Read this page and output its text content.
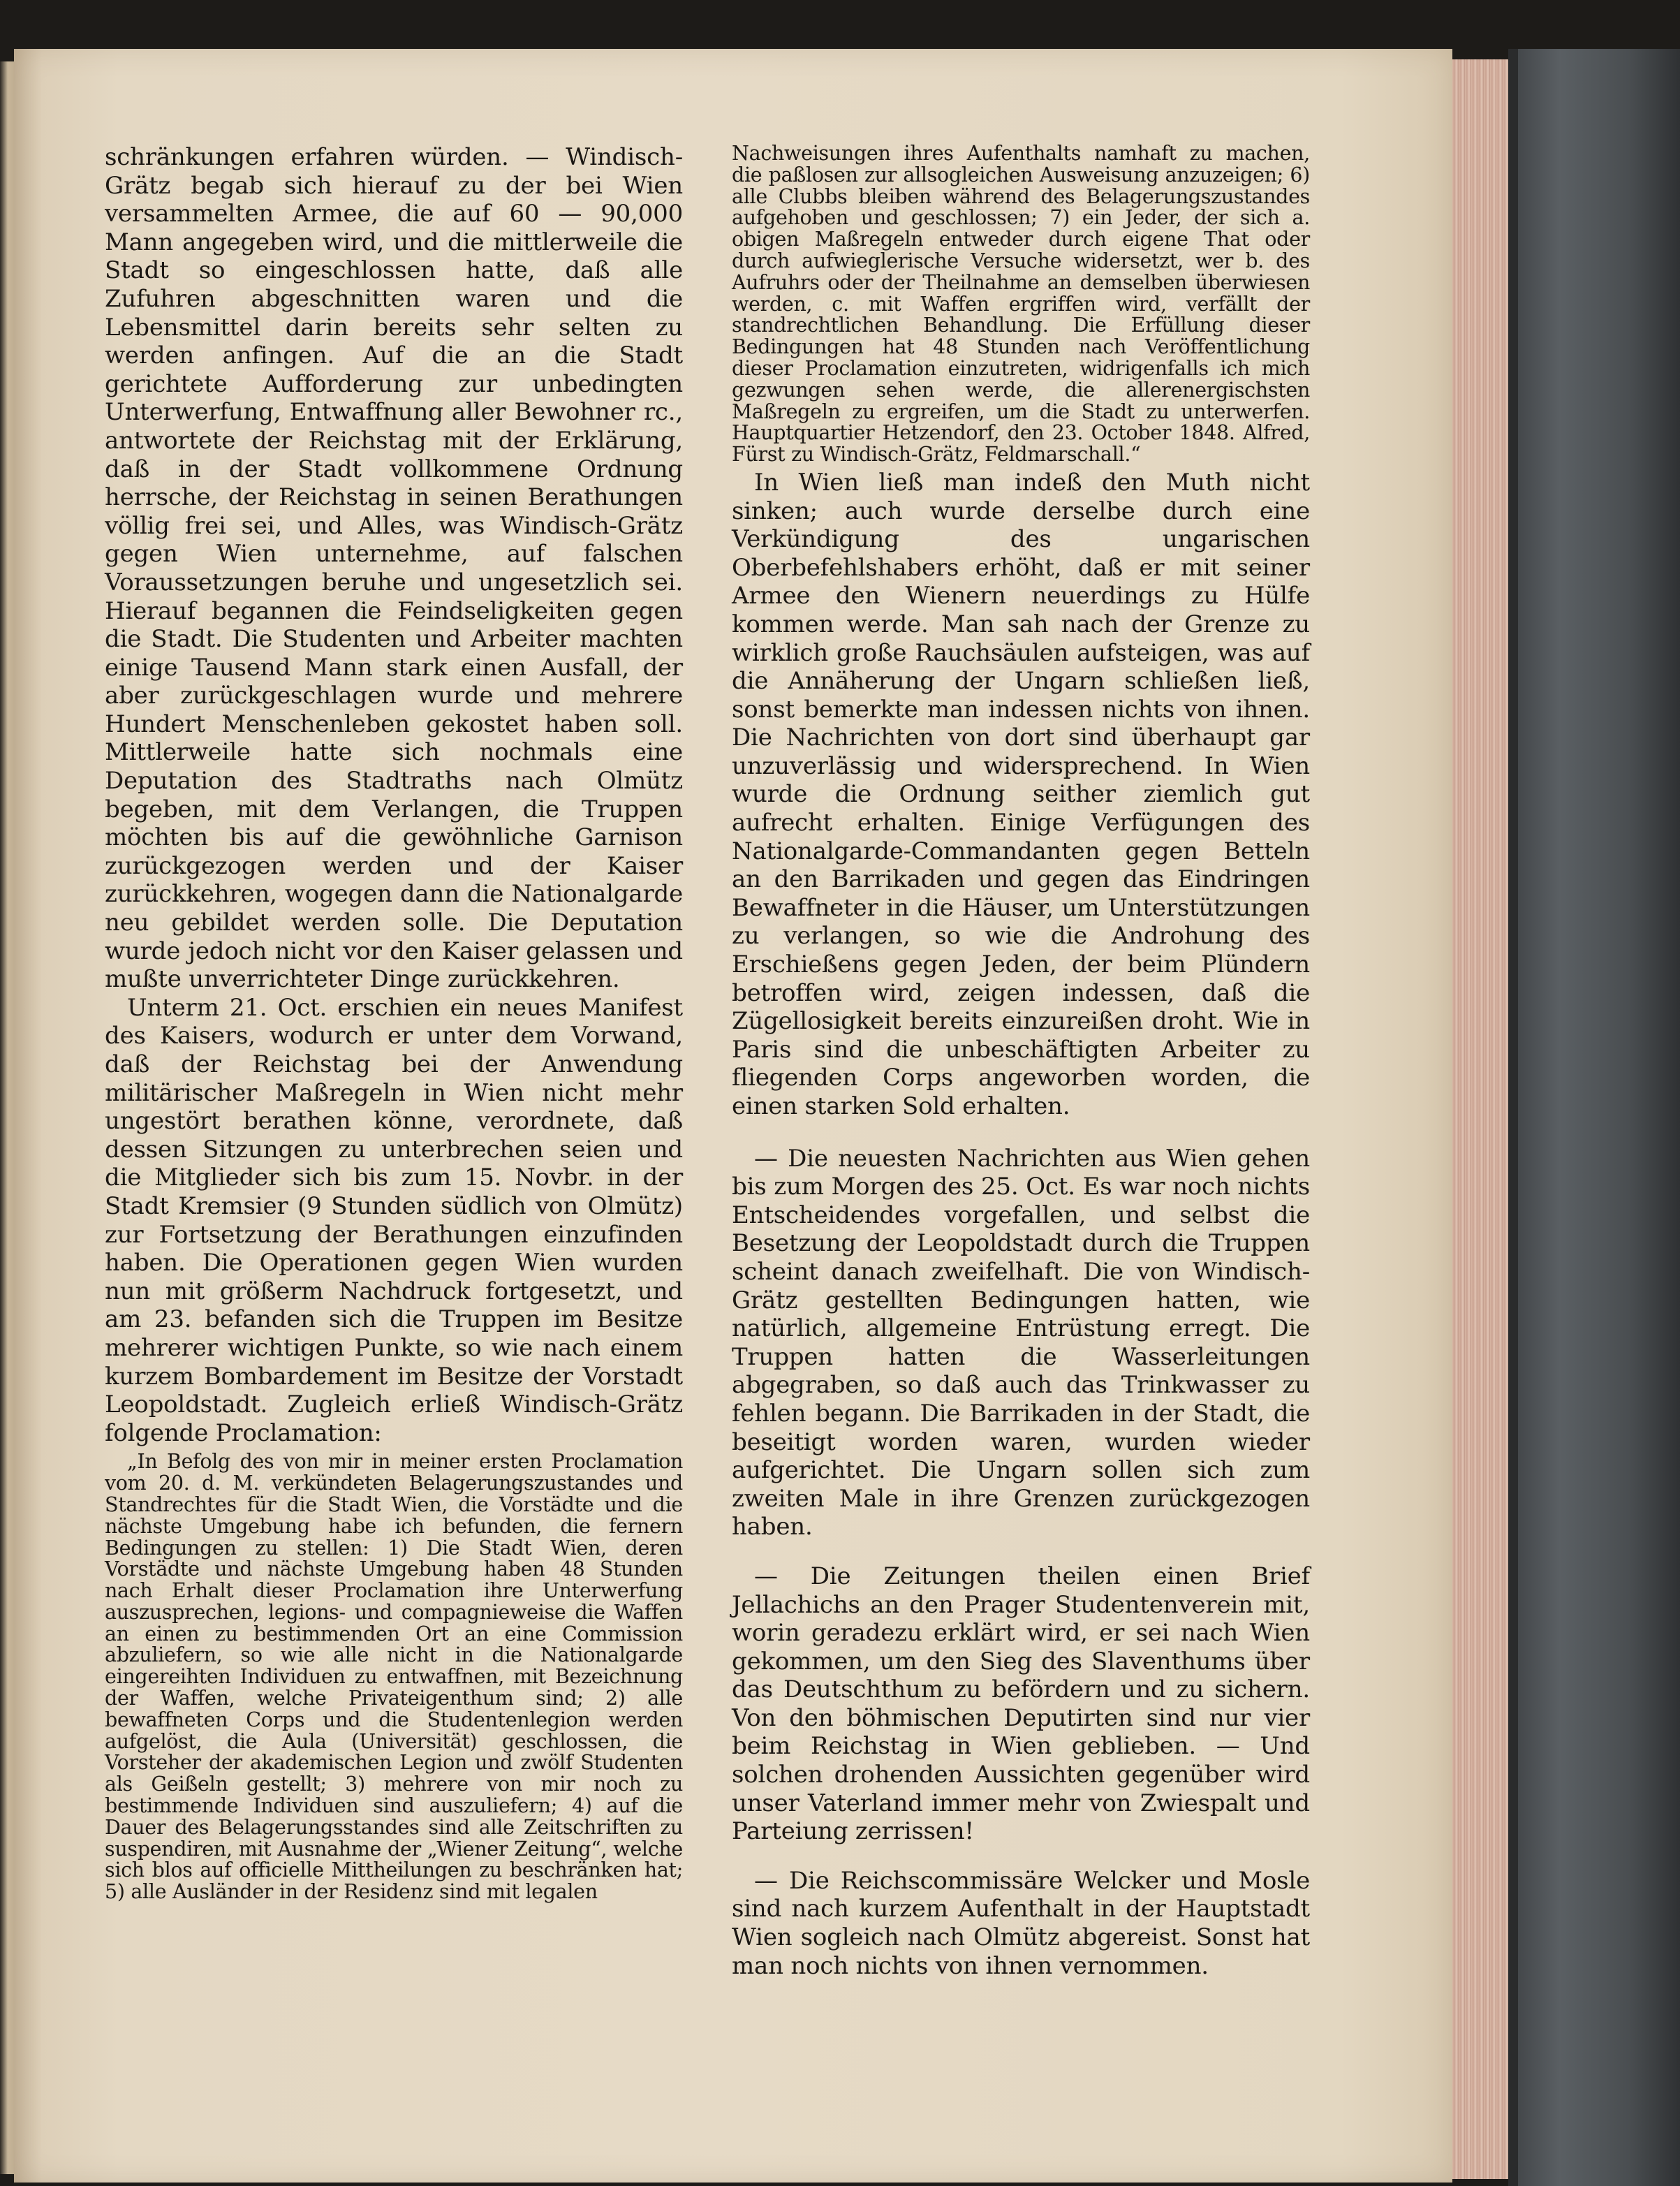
schränkungen erfahren würden. — Windisch-Grätz begab sich hierauf zu der bei Wien versammelten Armee, die auf 60 — 90,000 Mann angegeben wird, und die mittlerweile die Stadt so eingeschlossen hatte, daß alle Zufuhren abgeschnitten waren und die Lebensmittel darin bereits sehr selten zu werden anfingen. Auf die an die Stadt gerichtete Aufforderung zur unbedingten Unterwerfung, Entwaffnung aller Bewohner rc., antwortete der Reichstag mit der Erklärung, daß in der Stadt vollkommene Ordnung herrsche, der Reichstag in seinen Berathungen völlig frei sei, und Alles, was Windisch-Grätz gegen Wien unternehme, auf falschen Voraussetzungen beruhe und ungesetzlich sei. Hierauf begannen die Feindseligkeiten gegen die Stadt. Die Studenten und Arbeiter machten einige Tausend Mann stark einen Ausfall, der aber zurückgeschlagen wurde und mehrere Hundert Menschenleben gekostet haben soll. Mittlerweile hatte sich nochmals eine Deputation des Stadtraths nach Olmütz begeben, mit dem Verlangen, die Truppen möchten bis auf die gewöhnliche Garnison zurückgezogen werden und der Kaiser zurückkehren, wogegen dann die Nationalgarde neu gebildet werden solle. Die Deputation wurde jedoch nicht vor den Kaiser gelassen und mußte unverrichteter Dinge zurückkehren.

Unterm 21. Oct. erschien ein neues Manifest des Kaisers, wodurch er unter dem Vorwand, daß der Reichstag bei der Anwendung militärischer Maßregeln in Wien nicht mehr ungestört berathen könne, verordnete, daß dessen Sitzungen zu unterbrechen seien und die Mitglieder sich bis zum 15. Novbr. in der Stadt Kremsier (9 Stunden südlich von Olmütz) zur Fortsetzung der Berathungen einzufinden haben. Die Operationen gegen Wien wurden nun mit größerm Nachdruck fortgesetzt, und am 23. befanden sich die Truppen im Besitze mehrerer wichtigen Punkte, so wie nach einem kurzem Bombardement im Besitze der Vorstadt Leopoldstadt. Zugleich erließ Windisch-Grätz folgende Proclamation:

„In Befolg des von mir in meiner ersten Proclamation vom 20. d. M. verkündeten Belagerungszustandes und Standrechtes für die Stadt Wien, die Vorstädte und die nächste Umgebung habe ich befunden, die fernern Bedingungen zu stellen: 1) Die Stadt Wien, deren Vorstädte und nächste Umgebung haben 48 Stunden nach Erhalt dieser Proclamation ihre Unterwerfung auszusprechen, legions- und compagnieweise die Waffen an einen zu bestimmenden Ort an eine Commission abzuliefern, so wie alle nicht in die Nationalgarde eingereihten Individuen zu entwaffnen, mit Bezeichnung der Waffen, welche Privateigenthum sind; 2) alle bewaffneten Corps und die Studentenlegion werden aufgelöst, die Aula (Universität) geschlossen, die Vorsteher der akademischen Legion und zwölf Studenten als Geißeln gestellt; 3) mehrere von mir noch zu bestimmende Individuen sind auszuliefern; 4) auf die Dauer des Belagerungsstandes sind alle Zeitschriften zu suspendiren, mit Ausnahme der „Wiener Zeitung“, welche sich blos auf officielle Mittheilungen zu beschränken hat; 5) alle Ausländer in der Residenz sind mit legalen

Nachweisungen ihres Aufenthalts namhaft zu machen, die paßlosen zur allsogleichen Ausweisung anzuzeigen; 6) alle Clubbs bleiben während des Belagerungszustandes aufgehoben und geschlossen; 7) ein Jeder, der sich a. obigen Maßregeln entweder durch eigene That oder durch aufwieglerische Versuche widersetzt, wer b. des Aufruhrs oder der Theilnahme an demselben überwiesen werden, c. mit Waffen ergriffen wird, verfällt der standrechtlichen Behandlung. Die Erfüllung dieser Bedingungen hat 48 Stunden nach Veröffentlichung dieser Proclamation einzutreten, widrigenfalls ich mich gezwungen sehen werde, die allerenergischsten Maßregeln zu ergreifen, um die Stadt zu unterwerfen. Hauptquartier Hetzendorf, den 23. October 1848. Alfred, Fürst zu Windisch-Grätz, Feldmarschall.“

In Wien ließ man indeß den Muth nicht sinken; auch wurde derselbe durch eine Verkündigung des ungarischen Oberbefehlshabers erhöht, daß er mit seiner Armee den Wienern neuerdings zu Hülfe kommen werde. Man sah nach der Grenze zu wirklich große Rauchsäulen aufsteigen, was auf die Annäherung der Ungarn schließen ließ, sonst bemerkte man indessen nichts von ihnen. Die Nachrichten von dort sind überhaupt gar unzuverlässig und widersprechend. In Wien wurde die Ordnung seither ziemlich gut aufrecht erhalten. Einige Verfügungen des Nationalgarde-Commandanten gegen Betteln an den Barrikaden und gegen das Eindringen Bewaffneter in die Häuser, um Unterstützungen zu verlangen, so wie die Androhung des Erschießens gegen Jeden, der beim Plündern betroffen wird, zeigen indessen, daß die Zügellosigkeit bereits einzureißen droht. Wie in Paris sind die unbeschäftigten Arbeiter zu fliegenden Corps angeworben worden, die einen starken Sold erhalten.

— Die neuesten Nachrichten aus Wien gehen bis zum Morgen des 25. Oct. Es war noch nichts Entscheidendes vorgefallen, und selbst die Besetzung der Leopoldstadt durch die Truppen scheint danach zweifelhaft. Die von Windisch-Grätz gestellten Bedingungen hatten, wie natürlich, allgemeine Entrüstung erregt. Die Truppen hatten die Wasserleitungen abgegraben, so daß auch das Trinkwasser zu fehlen begann. Die Barrikaden in der Stadt, die beseitigt worden waren, wurden wieder aufgerichtet. Die Ungarn sollen sich zum zweiten Male in ihre Grenzen zurückgezogen haben.

— Die Zeitungen theilen einen Brief Jellachichs an den Prager Studentenverein mit, worin geradezu erklärt wird, er sei nach Wien gekommen, um den Sieg des Slaventhums über das Deutschthum zu befördern und zu sichern. Von den böhmischen Deputirten sind nur vier beim Reichstag in Wien geblieben. — Und solchen drohenden Aussichten gegenüber wird unser Vaterland immer mehr von Zwiespalt und Parteiung zerrissen!

— Die Reichscommissäre Welcker und Mosle sind nach kurzem Aufenthalt in der Hauptstadt Wien sogleich nach Olmütz abgereist. Sonst hat man noch nichts von ihnen vernommen.
